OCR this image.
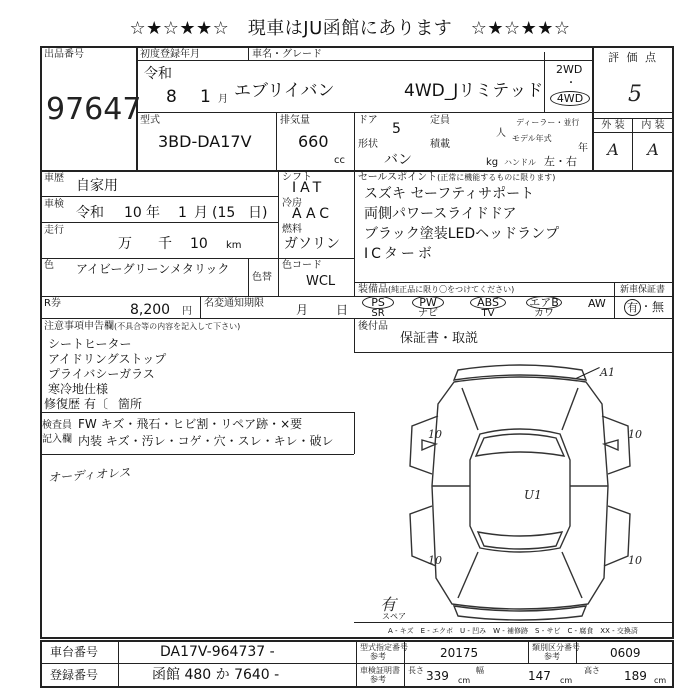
☆★☆★★☆　現車はJU函館にあります　☆★☆★★☆
出品番号
97647
初度登録年月	車名・グレード
令和
8 1 月 エブリイバン	4WD_Jリミテッド
2WD
・
4WD
評 価 点
5
外 装	内 装
A	A
型式
3BD-DA17V
排気量
660
cc
ドア
5
定員
人
ディーラー・並行
モデル年式
年
形状
バン
積載
kg ハンドル 左・右
車歴 自家用
車検
令和 10 年 1 月 (15 日)
走行
万 千 10 km
シフト
IAT
冷房
AAC
燃料
ガソリン
色 アイビーグリーンメタリック
色替
色コード
WCL
R券	8,200 円
名変通知期限	月 日
セールスポイント(正常に機能するものに限ります)
スズキ セーフティサポート
両側パワースライドドア
ブラック塗装LEDヘッドランプ
ICターボ
装備品(純正品に限り〇をつけてください)
PS
SR
PW
ナビ
ABS
TV
エアB
カワ
AW
新車保証書
有 ・ 無
後付品
保証書・取説
注意事項申告欄(不具合等の内容を記入して下さい)
シートヒーター
アイドリングストップ
プライバシーガラス
寒冷地仕様
修復歴 有〔 箇所
検査員
記入欄
FW キズ・飛石・ヒビ割・リペア跡・×要
内装 キズ・汚レ・コゲ・穴・スレ・キレ・破レ
オーディオレス
A1
10	10
U1
10	10
有
スペア
A ‐ キズ　E ‐ エクボ　U ‐ 凹み　W ‐ 補修跡　S ‐ サビ　C ‐ 腐食　XX ‐ 交換済
車台番号	DA17V-964737 -
登録番号	函館 480 か 7640 -
型式指定番号
参考	20175	類別区分番号
参考	0609
車検証明書
参考
長さ 339 cm
幅	147 cm
高さ 189 cm
